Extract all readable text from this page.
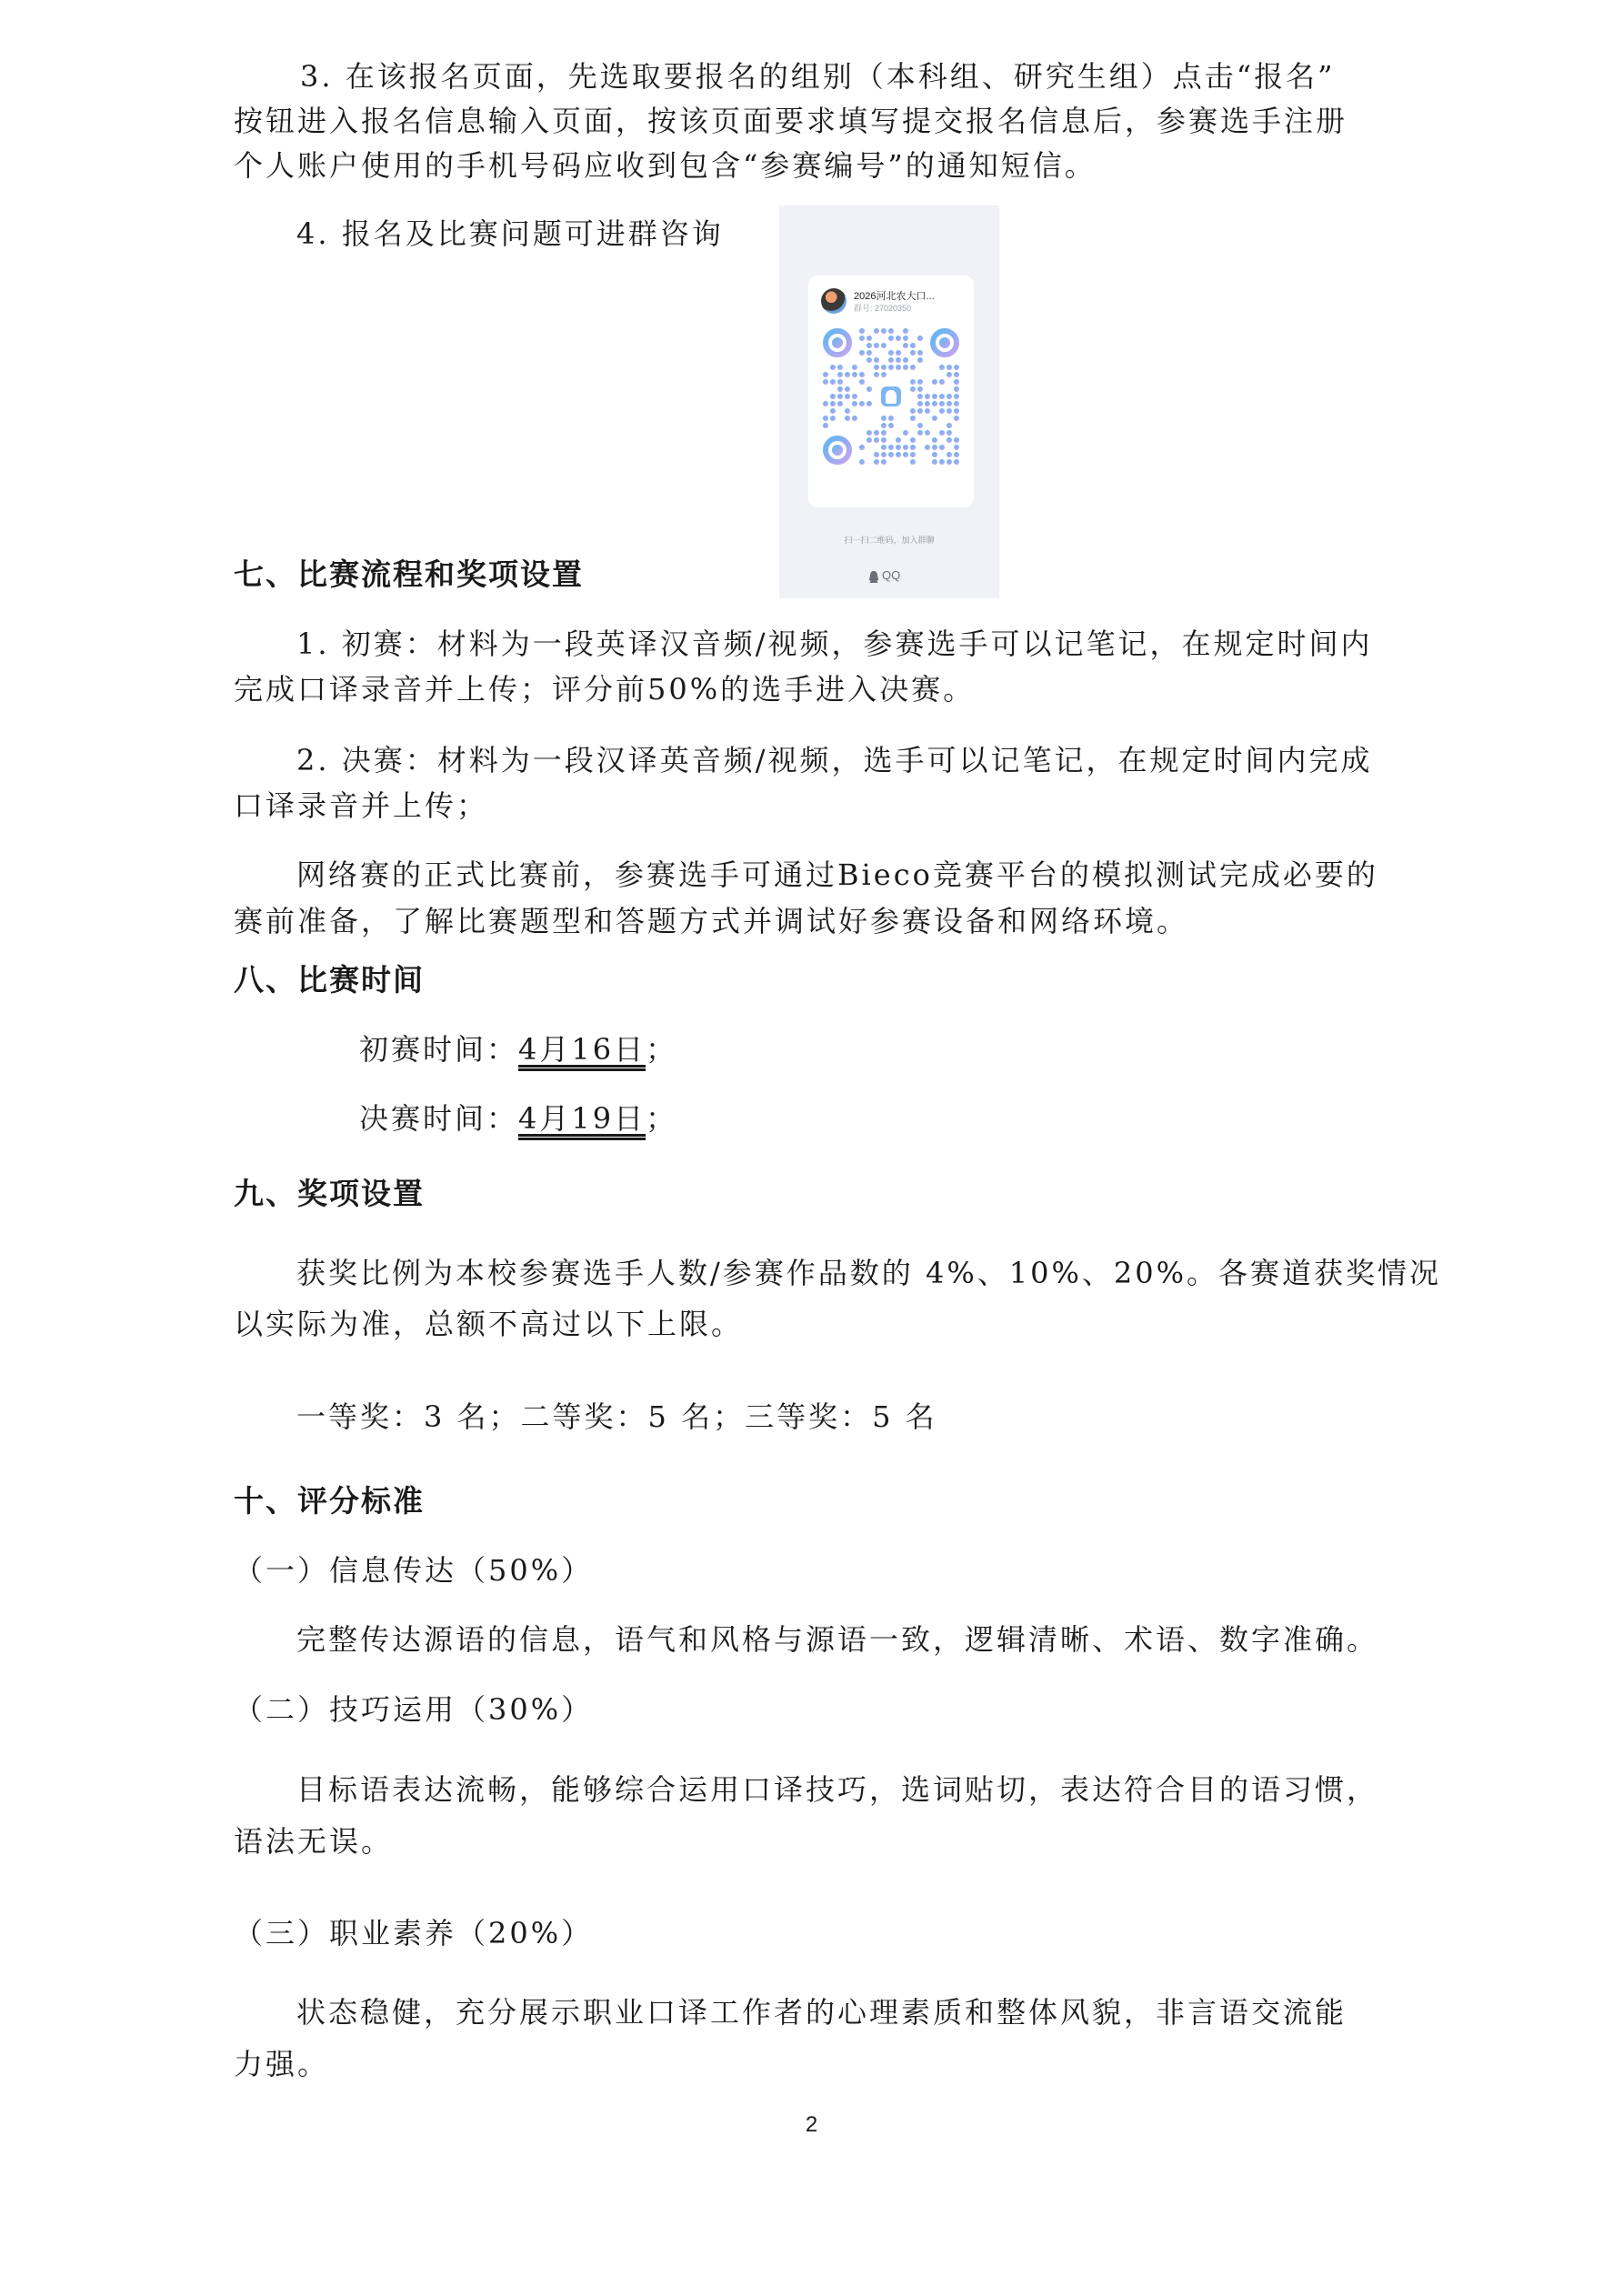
3. 在该报名页面，先选取要报名的组别（本科组、研究生组）点击“报名”

按钮进入报名信息输入页面，按该页面要求填写提交报名信息后，参赛选手注册

个人账户使用的手机号码应收到包含“参赛编号”的通知短信。

4. 报名及比赛问题可进群咨询

2026河北农大口...
群号: 27020350
扫一扫二维码，加入群聊
QQ
七、比赛流程和奖项设置

1. 初赛：材料为一段英译汉音频/视频，参赛选手可以记笔记，在规定时间内

完成口译录音并上传；评分前50%的选手进入决赛。

2. 决赛：材料为一段汉译英音频/视频，选手可以记笔记，在规定时间内完成

口译录音并上传；

网络赛的正式比赛前，参赛选手可通过Bieco竞赛平台的模拟测试完成必要的

赛前准备，了解比赛题型和答题方式并调试好参赛设备和网络环境。

八、比赛时间

初赛时间：4月16日；

决赛时间：4月19日；

九、奖项设置

获奖比例为本校参赛选手人数/参赛作品数的 4%、10%、20%。各赛道获奖情况

以实际为准，总额不高过以下上限。

一等奖：3 名；二等奖：5 名；三等奖：5 名

十、评分标准

（一）信息传达（50%）

完整传达源语的信息，语气和风格与源语一致，逻辑清晰、术语、数字准确。

（二）技巧运用（30%）

目标语表达流畅，能够综合运用口译技巧，选词贴切，表达符合目的语习惯，

语法无误。

（三）职业素养（20%）

状态稳健，充分展示职业口译工作者的心理素质和整体风貌，非言语交流能

力强。

2
